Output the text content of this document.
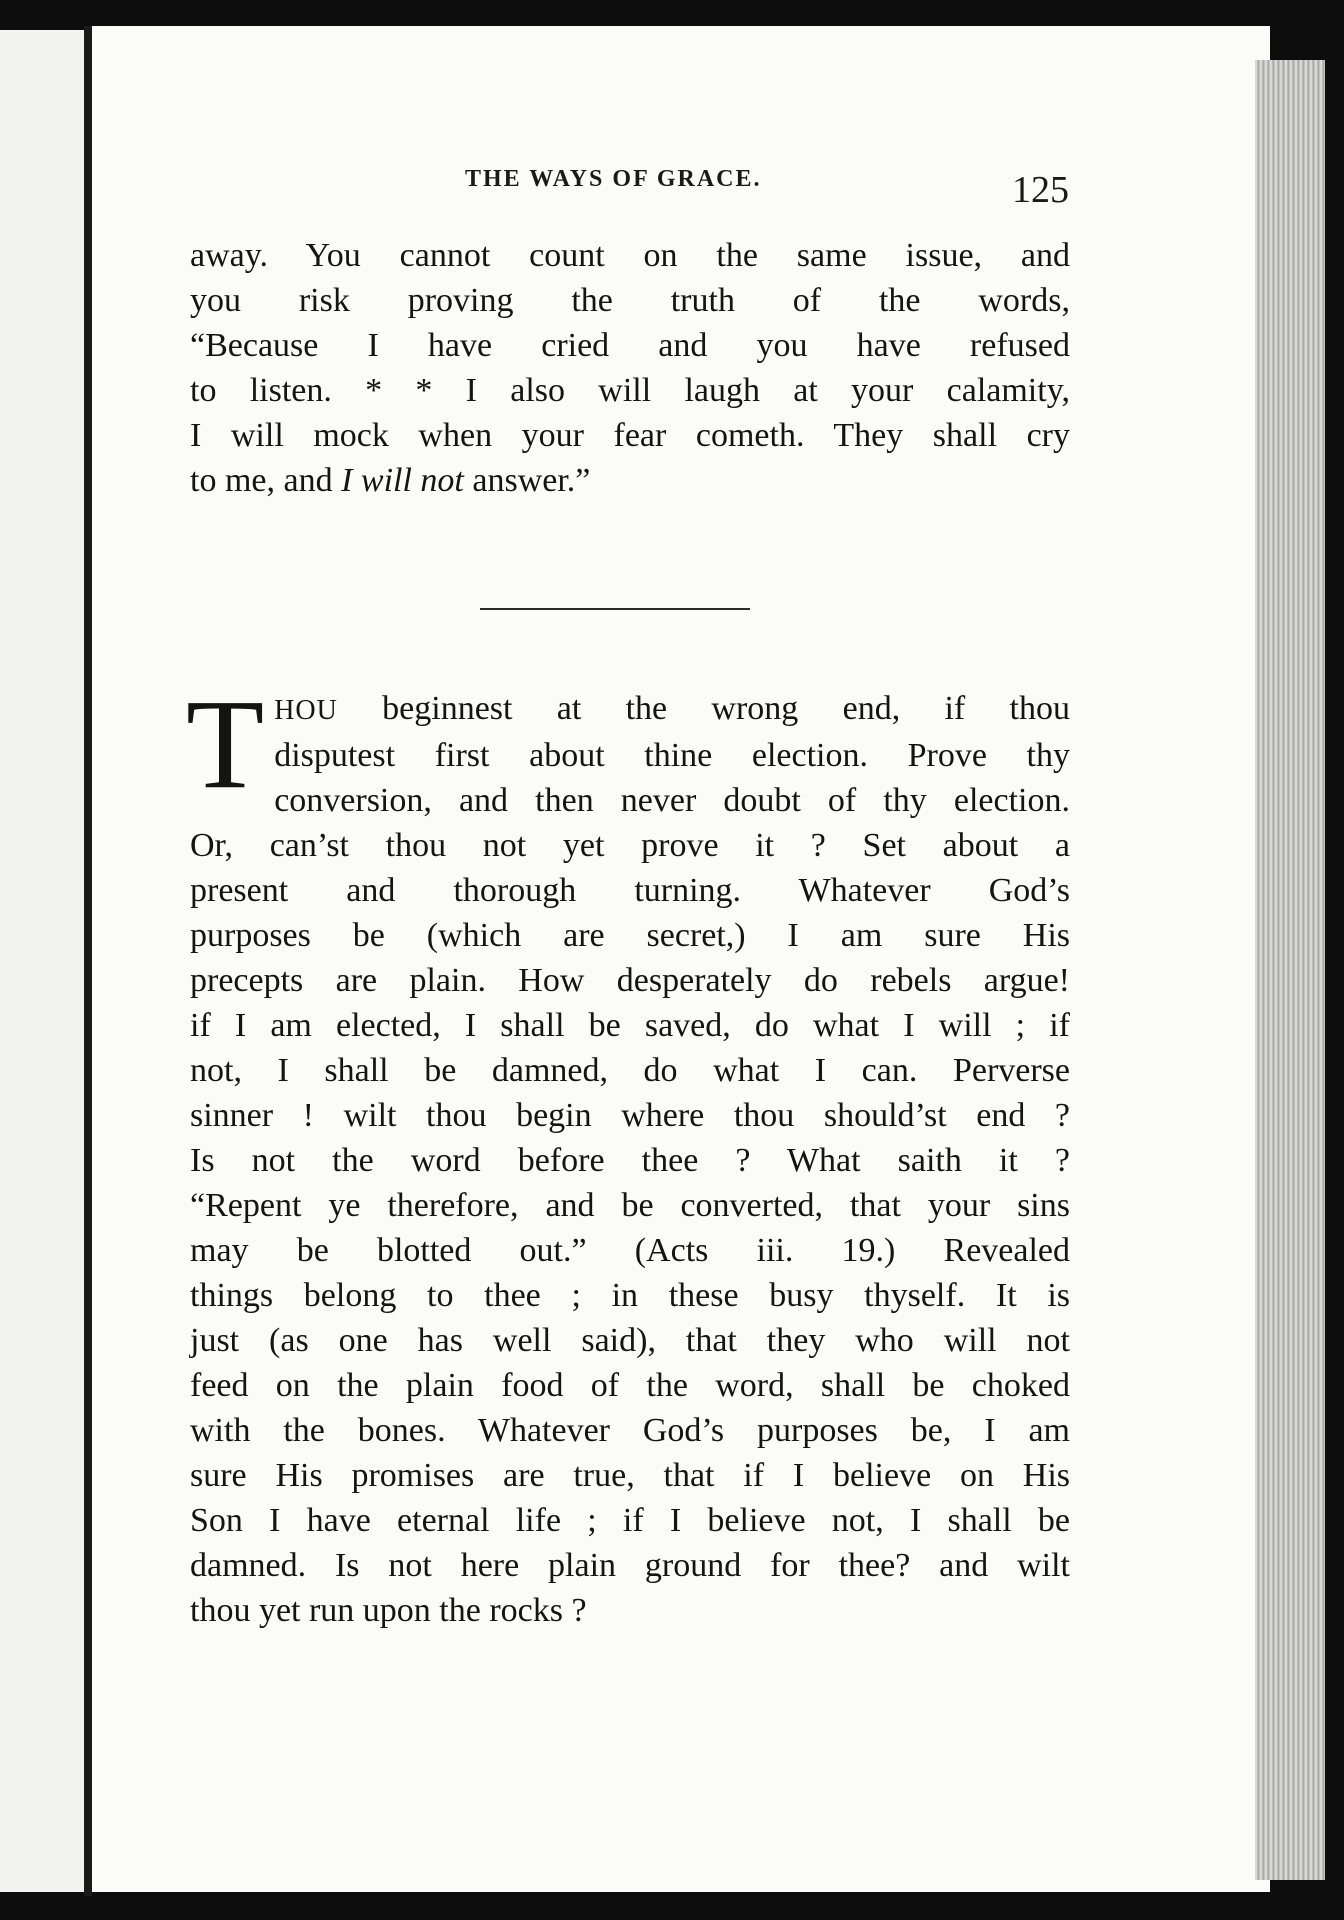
THE WAYS OF GRACE.	125
away. You cannot count on the same issue, and
you risk proving the truth of the words,
“Because I have cried and you have refused
to listen. * * I also will laugh at your calamity,
I will mock when your fear cometh. They shall cry
to me, and I will not answer.”
T HOU beginnest at the wrong end, if thou
disputest first about thine election. Prove thy
conversion, and then never doubt of thy election.
Or, can’st thou not yet prove it ? Set about a
present and thorough turning. Whatever God’s
purposes be (which are secret,) I am sure His
precepts are plain. How desperately do rebels argue!
if I am elected, I shall be saved, do what I will ; if
not, I shall be damned, do what I can. Perverse
sinner ! wilt thou begin where thou should’st end ?
Is not the word before thee ? What saith it ?
“Repent ye therefore, and be converted, that your sins
may be blotted out.” (Acts iii. 19.) Revealed
things belong to thee ; in these busy thyself. It is
just (as one has well said), that they who will not
feed on the plain food of the word, shall be choked
with the bones. Whatever God’s purposes be, I am
sure His promises are true, that if I believe on His
Son I have eternal life ; if I believe not, I shall be
damned. Is not here plain ground for thee? and wilt
thou yet run upon the rocks ?
